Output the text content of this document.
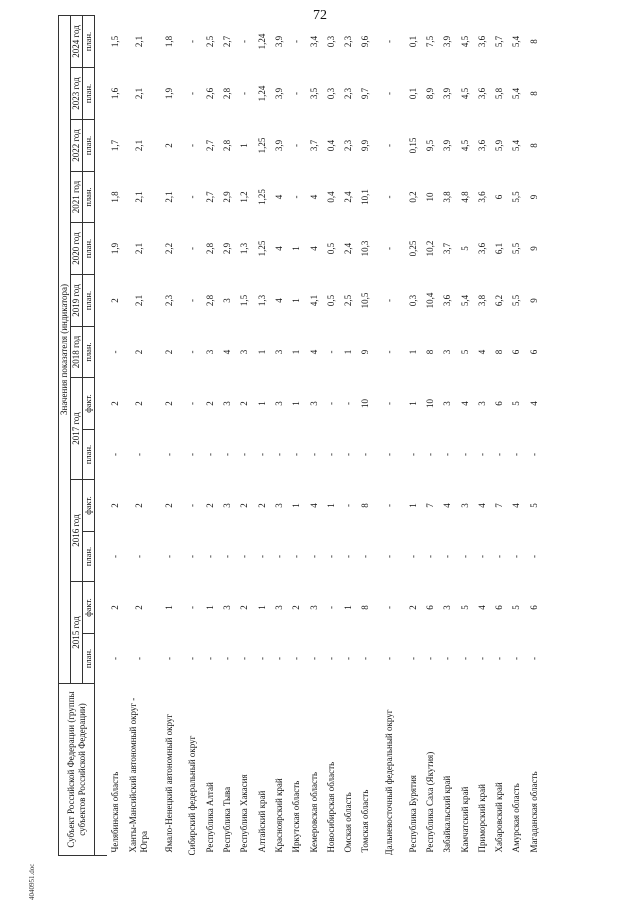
72
Субъект Российской Федерации (группы субъектов Российской Федерации)	Значения показателя (индикатора)												
	2015 год		2016 год		2017 год		2018 год	2019 год	2020 год	2021 год	2022 год	2023 год	2024 год
	план.	факт.	план.	факт.	план.	факт.	план.	план.	план.	план.	план.	план.	план.

Челябинская область	-	2	-	2	-	2	-	2	1,9	1,8	1,7	1,6	1,5
Ханты-Мансийский автономный округ - Югра	-	2	-	2	-	2	2	2,1	2,1	2,1	2,1	2,1	2,1
Ямало-Ненецкий автономный округ	-	1	-	2	-	2	2	2,3	2,2	2,1	2	1,9	1,8
Сибирский федеральный округ	-	-	-	-	-	-	-	-	-	-	-	-	-
Республика Алтай	-	1	-	2	-	2	3	2,8	2,8	2,7	2,7	2,6	2,5
Республика Тыва	-	3	-	3	-	3	4	3	2,9	2,9	2,8	2,8	2,7
Республика Хакасия	-	2	-	2	-	2	3	1,5	1,3	1,2	1	-	-
Алтайский край	-	1	-	2	-	1	1	1,3	1,25	1,25	1,25	1,24	1,24
Красноярский край	-	3	-	3	-	3	3	4	4	4	3,9	3,9	3,9
Иркутская область	-	2	-	1	-	1	1	1	1	-	-	-	-
Кемеровская область	-	3	-	4	-	3	4	4,1	4	4	3,7	3,5	3,4
Новосибирская область	-	-	-	1	-	-	-	0,5	0,5	0,4	0,4	0,3	0,3
Омская область	-	1	-	-	-	-	1	2,5	2,4	2,4	2,3	2,3	2,3
Томская область	-	8	-	8	-	10	9	10,5	10,3	10,1	9,9	9,7	9,6
Дальневосточный федеральный округ	-	-	-	-	-	-	-	-	-	-	-	-	-
Республика Бурятия	-	2	-	1	-	1	1	0,3	0,25	0,2	0,15	0,1	0,1
Республика Саха (Якутия)	-	6	-	7	-	10	8	10,4	10,2	10	9,5	8,9	7,5
Забайкальский край	-	3	-	4	-	3	3	3,6	3,7	3,8	3,9	3,9	3,9
Камчатский край	-	5	-	3	-	4	5	5,4	5	4,8	4,5	4,5	4,5
Приморский край	-	4	-	4	-	3	4	3,8	3,6	3,6	3,6	3,6	3,6
Хабаровский край	-	6	-	7	-	6	8	6,2	6,1	6	5,9	5,8	5,7
Амурская область	-	5	-	4	-	5	6	5,5	5,5	5,5	5,4	5,4	5,4
Магаданская область	-	6	-	5	-	4	6	9	9	9	8	8	8
4040951.doc
